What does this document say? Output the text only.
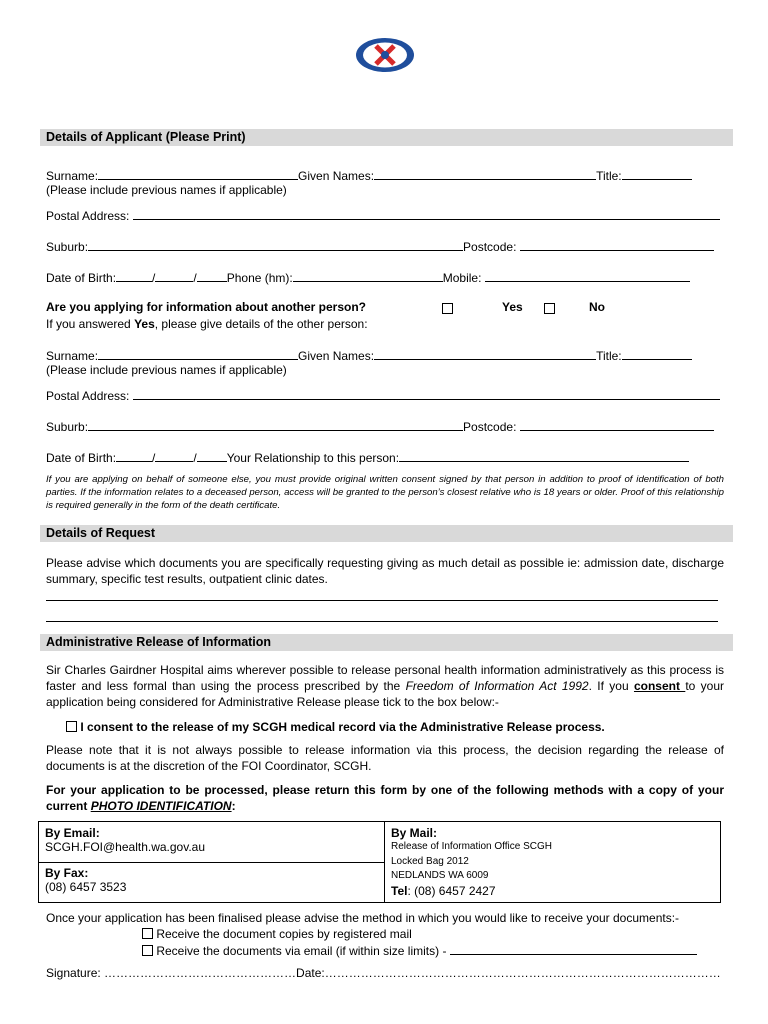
Details of Applicant (Please Print)
Surname:	Given Names:	Title:
(Please include previous names if applicable)
Postal Address:
Suburb:	Postcode:
Date of Birth:	/	/	Phone (hm):	Mobile:
Are you applying for information about another person?	Yes	No
If you answered Yes, please give details of the other person:
Surname:	Given Names:	Title:
(Please include previous names if applicable)
Postal Address:
Suburb:	Postcode:
Date of Birth:	/	/	Your Relationship to this person:
If you are applying on behalf of someone else, you must provide original written consent signed by that person in addition to proof of identification of both parties. If the information relates to a deceased person, access will be granted to the person’s closest relative who is 18 years or older. Proof of this relationship is required generally in the form of the death certificate.
Details of Request
Please advise which documents you are specifically requesting giving as much detail as possible ie: admission date, discharge summary, specific test results, outpatient clinic dates.
Administrative Release of Information
Sir Charles Gairdner Hospital aims wherever possible to release personal health information administratively as this process is faster and less formal than using the process prescribed by the Freedom of Information Act 1992. If you consent to your application being considered for Administrative Release please tick to the box below:-
I consent to the release of my SCGH medical record via the Administrative Release process.
Please note that it is not always possible to release information via this process, the decision regarding the release of documents is at the discretion of the FOI Coordinator, SCGH.
For your application to be processed, please return this form by one of the following methods with a copy of your current PHOTO IDENTIFICATION:
By Email:
SCGH.FOI@health.wa.gov.au
By Fax:
(08) 6457 3523
By Mail:
Release of Information Office SCGH
Locked Bag 2012
NEDLANDS WA 6009
Tel: (08) 6457 2427
Once your application has been finalised please advise the method in which you would like to receive your documents:-
Receive the document copies by registered mail
Receive the documents via email (if within size limits) -
Signature: …………………………………………Date:………………………………………………………………………………………
